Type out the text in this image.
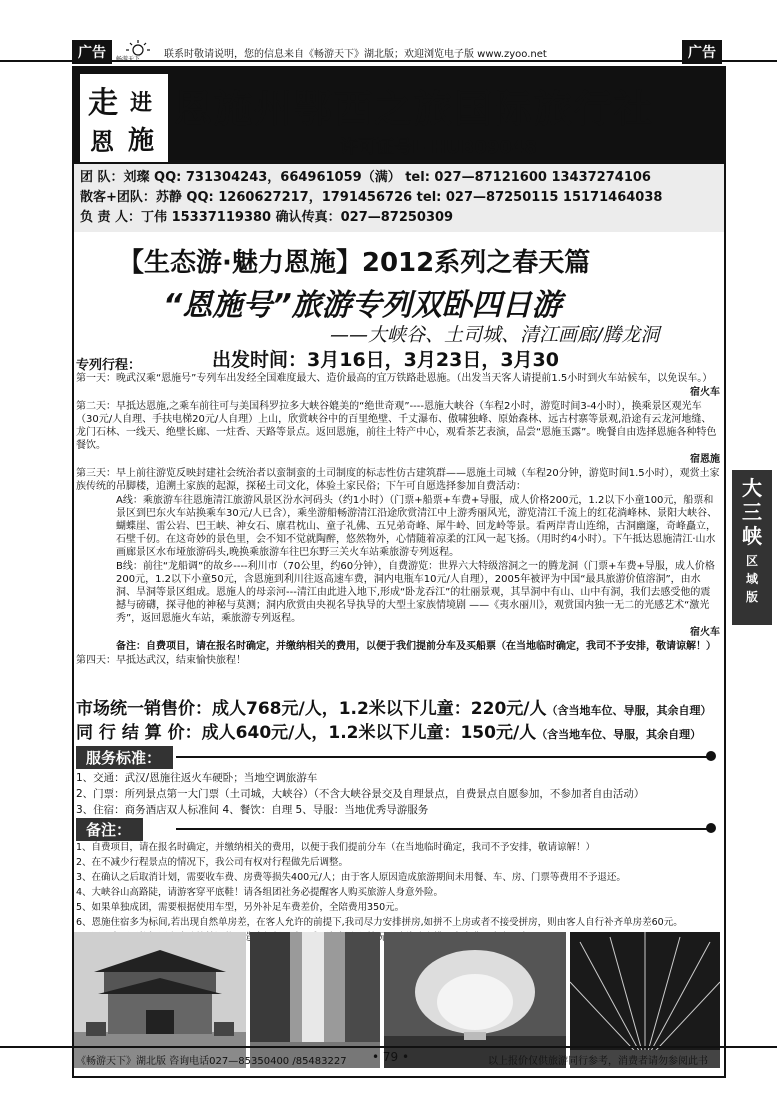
广告	广告
畅游天下 联系时敬请说明，您的信息来自《畅游天下》湖北版；欢迎浏览电子版 www.zyoo.net
走 进
恩 施
恩施州鄂西之旅国际旅行社
许可证号L-HUB09048
团 队：刘璨 QQ: 731304243，664961059（满） tel: 027—87121600 13437274106
散客+团队：苏静 QQ: 1260627217，1791456726 tel: 027—87250115 15171464038
负 责 人：丁伟 15337119380 确认传真：027—87250309
【生态游·魅力恩施】2012系列之春天篇
“恩施号”旅游专列双卧四日游
——大峡谷、土司城、清江画廊/腾龙洞
专列行程：	出发时间：3月16日，3月23日，3月30

第一天：晚武汉乘“恩施号”专列车出发经全国难度最大、造价最高的宜万铁路赴恩施。（出发当天客人请提前1.5小时到火车站候车，以免误车。）

宿火车

第二天：早抵达恩施,之乘车前往可与美国科罗拉多大峡谷媲美的“绝世奇观”----恩施大峡谷（车程2小时，游览时间3-4小时），换乘景区观光车（30元/人自理、手扶电梯20元/人自理）上山，欣赏峡谷中的百里绝壁、千丈瀑布、傲啸独峰、原始森林、远古村寨等景观,沿途有云龙河地缝、龙门石林、一线天、绝壁长廊、一炷香、天路等景点。返回恩施，前往土特产中心，观看茶艺表演，品尝“恩施玉露”。晚餐自由选择恩施各种特色餐饮。

宿恩施

第三天：早上前往游览反映封建社会统治者以蛮制蛮的土司制度的标志性仿古建筑群——恩施土司城（车程20分钟，游览时间1.5小时），观赏土家族传统的吊脚楼，追溯土家族的起源，探秘土司文化，体验土家民俗；下午可自愿选择参加自费活动：

A线：乘旅游车往恩施清江旅游风景区汾水河码头（约1小时）（门票+船票+车费+导服，成人价格200元，1.2以下小童100元，船票和景区到巴东火车站换乘车30元/人已含），乘坐游船畅游清江沿途欣赏清江中上游秀丽风光，游览清江千流上的红花淌峰林、景阳大峡谷、蝴蝶崖、雷公岩、巴王峡、神女石、廪君枕山、童子礼佛、五兄弟奇峰、犀牛岭、回龙岭等景。看两岸青山连绵，古洞幽邃，奇峰矗立，石壁千仞。在这奇妙的景色里，会不知不觉就陶醉，悠然物外，心情随着凉柔的江风一起飞扬。（用时约4小时）。下午抵达恩施清江·山水画廊景区水布垭旅游码头,晚换乘旅游车往巴东野三关火车站乘旅游专列返程。

B线：前往“龙船调”的故乡----利川市（70公里，约60分钟），自费游览：世界六大特级溶洞之一的腾龙洞（门票+车费+导服，成人价格200元，1.2以下小童50元，含恩施到利川往返高速车费，洞内电瓶车10元/人自理），2005年被评为中国“最具旅游价值溶洞”，由水洞、旱洞等景区组成。恩施人的母亲河---清江由此进入地下,形成“卧龙吞江”的壮丽景观，其旱洞中有山、山中有洞，我们去感受他的震撼与磅礴，探寻他的神秘与莫测；洞内欣赏由央视名导执导的大型土家族情境剧 ——《夷水丽川》，观赏国内独一无二的光感艺术“激光秀”，返回恩施火车站，乘旅游专列返程。

宿火车

备注：自费项目，请在报名时确定，并缴纳相关的费用，以便于我们提前分车及买船票（在当地临时确定，我司不予安排，敬请谅解！）

第四天：早抵达武汉，结束愉快旅程！

大三峡
区域版
市场统一销售价：成人768元/人，1.2米以下儿童：220元/人（含当地车位、导服，其余自理）
同 行 结 算 价：成人640元/人，1.2米以下儿童：150元/人（含当地车位、导服，其余自理）
服务标准：
1、交通：武汉/恩施往返火车硬卧；当地空调旅游车
2、门票：所列景点第一大门票（土司城，大峡谷）（不含大峡谷景交及自理景点，自费景点自愿参加，不参加者自由活动）
3、住宿：商务酒店双人标准间 4、餐饮：自理 5、导服：当地优秀导游服务
备注：
1、自费项目，请在报名时确定，并缴纳相关的费用，以便于我们提前分车（在当地临时确定，我司不予安排，敬请谅解！）
2、在不减少行程景点的情况下，我公司有权对行程做先后调整。
3、在确认之后取消计划，需要收车费、房费等损失400元/人；由于客人原因造成旅游期间未用餐、车、房、门票等费用不予退还。
4、大峡谷山高路陡，请游客穿平底鞋！请各组团社务必提醒客人购买旅游人身意外险。
5、如果单独成团，需要根据使用车型，另外补足车费差价，全陪费用350元。
6、恩施住宿多为标间,若出现自然单房差，在客人允许的前提下,我司尽力安排拼房,如拼不上房或者不接受拼房，则由客人自行补齐单房差60元。
《畅游天下》湖北版 咨询电话027—85350400 /85483227 • 79 •	以上报价仅供旅游同行参考，消费者请勿参阅此书
